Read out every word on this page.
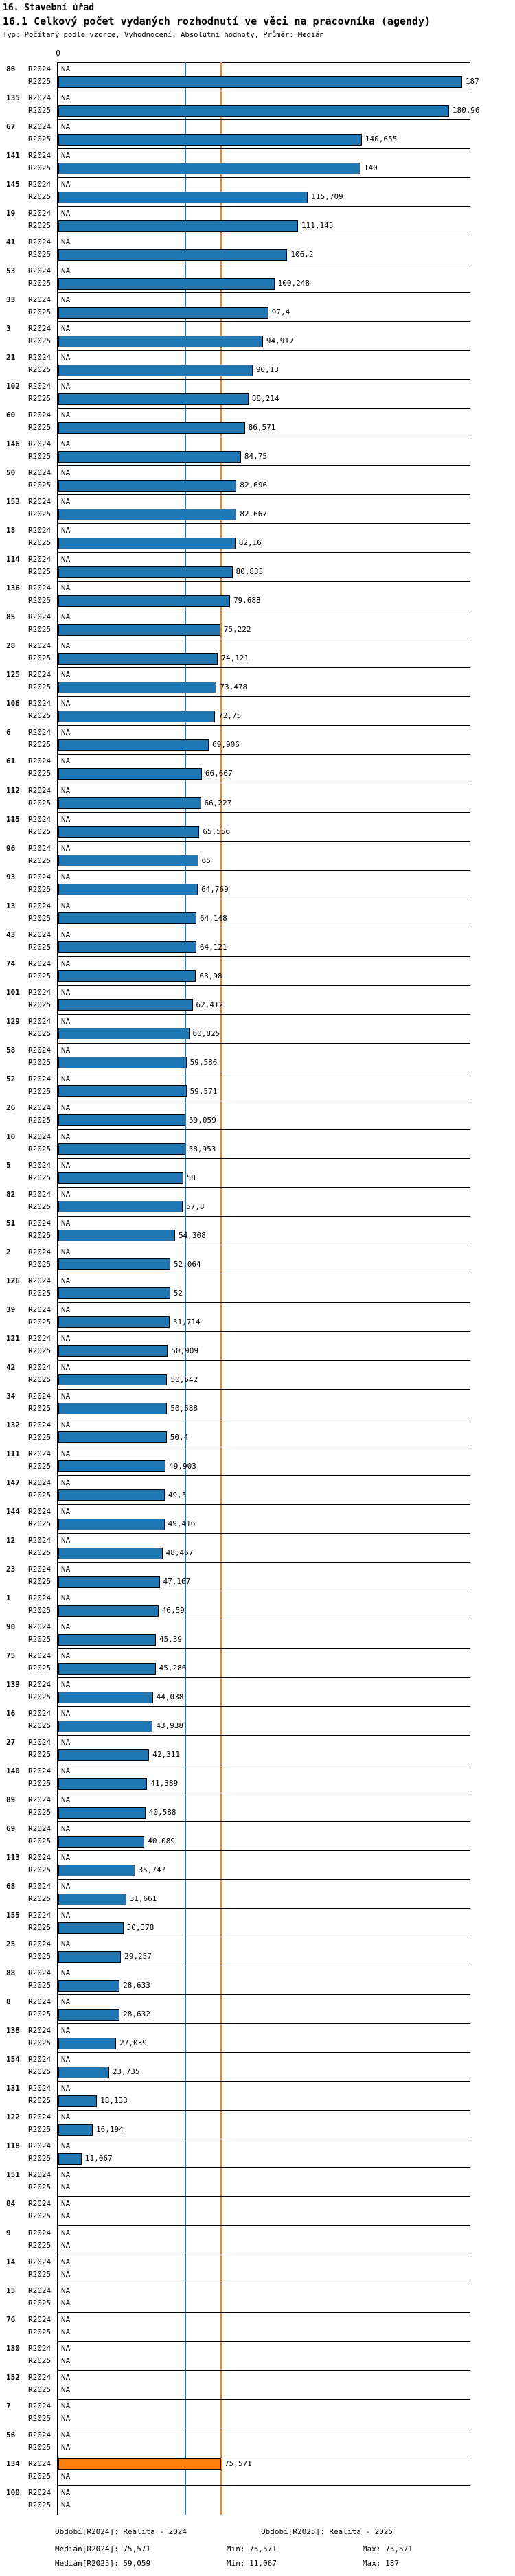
16. Stavební úřad
16.1 Celkový počet vydaných rozhodnutí ve věci na pracovníka (agendy)
Typ: Počítaný podle vzorce, Vyhodnocení: Absolutní hodnoty, Průměr: Medián
0
86 R2024 NA
R2025	187
135 R2024 NA
R2025	180,96
67 R2024 NA
R2025	140,655
141 R2024 NA
R2025	140
145 R2024 NA
R2025	115,709
19 R2024 NA
R2025	111,143
41 R2024 NA
R2025	106,2
53 R2024 NA
R2025	100,248
33 R2024 NA
R2025	97,4
3 R2024 NA
R2025	94,917
21 R2024 NA
R2025	90,13
102 R2024 NA
R2025	88,214
60 R2024 NA
R2025	86,571
146 R2024 NA
R2025	84,75
50 R2024 NA
R2025	82,696
153 R2024 NA
R2025	82,667
18 R2024 NA
R2025	82,16
114 R2024 NA
R2025	80,833
136 R2024 NA
R2025	79,688
85 R2024 NA
R2025	75,222
28 R2024 NA
R2025	74,121
125 R2024 NA
R2025	73,478
106 R2024 NA
R2025	72,75
6 R2024 NA
R2025	69,906
61 R2024 NA
R2025	66,667
112 R2024 NA
R2025	66,227
115 R2024 NA
R2025	65,556
96 R2024 NA
R2025	65
93 R2024 NA
R2025	64,769
13 R2024 NA
R2025	64,148
43 R2024 NA
R2025	64,121
74 R2024 NA
R2025	63,98
101 R2024 NA
R2025	62,412
129 R2024 NA
R2025	60,825
58 R2024 NA
R2025	59,586
52 R2024 NA
R2025	59,571
26 R2024 NA
R2025	59,059
10 R2024 NA
R2025	58,953
5 R2024 NA
R2025	58
82 R2024 NA
R2025	57,8
51 R2024 NA
R2025	54,308
2 R2024 NA
R2025	52,064
126 R2024 NA
R2025	52
39 R2024 NA
R2025	51,714
121 R2024 NA
R2025	50,909
42 R2024 NA
R2025	50,642
34 R2024 NA
R2025	50,588
132 R2024 NA
R2025	50,4
111 R2024 NA
R2025	49,903
147 R2024 NA
R2025	49,5
144 R2024 NA
R2025	49,416
12 R2024 NA
R2025	48,467
23 R2024 NA
R2025	47,167
1 R2024 NA
R2025	46,59
90 R2024 NA
R2025	45,39
75 R2024 NA
R2025	45,286
139 R2024 NA
R2025	44,038
16 R2024 NA
R2025	43,938
27 R2024 NA
R2025	42,311
140 R2024 NA
R2025	41,389
89 R2024 NA
R2025	40,588
69 R2024 NA
R2025	40,089
113 R2024 NA
R2025	35,747
68 R2024 NA
R2025	31,661
155 R2024 NA
R2025	30,378
25 R2024 NA
R2025	29,257
88 R2024 NA
R2025	28,633
8 R2024 NA
R2025	28,632
138 R2024 NA
R2025	27,039
154 R2024 NA
R2025	23,735
131 R2024 NA
R2025	18,133
122 R2024 NA
R2025	16,194
118 R2024 NA
R2025	11,067
151 R2024 NA
R2025 NA
84 R2024 NA
R2025 NA
9 R2024 NA
R2025 NA
14 R2024 NA
R2025 NA
15 R2024 NA
R2025 NA
76 R2024 NA
R2025 NA
130 R2024 NA
R2025 NA
152 R2024 NA
R2025 NA
7 R2024 NA
R2025 NA
56 R2024 NA
R2025 NA
134 R2024	75,571
R2025 NA
100 R2024 NA
R2025 NA
Období[R2024]: Realita - 2024	Období[R2025]: Realita - 2025
Medián[R2024]: 75,571	Min: 75,571	Max: 75,571
Medián[R2025]: 59,059	Min: 11,067	Max: 187
